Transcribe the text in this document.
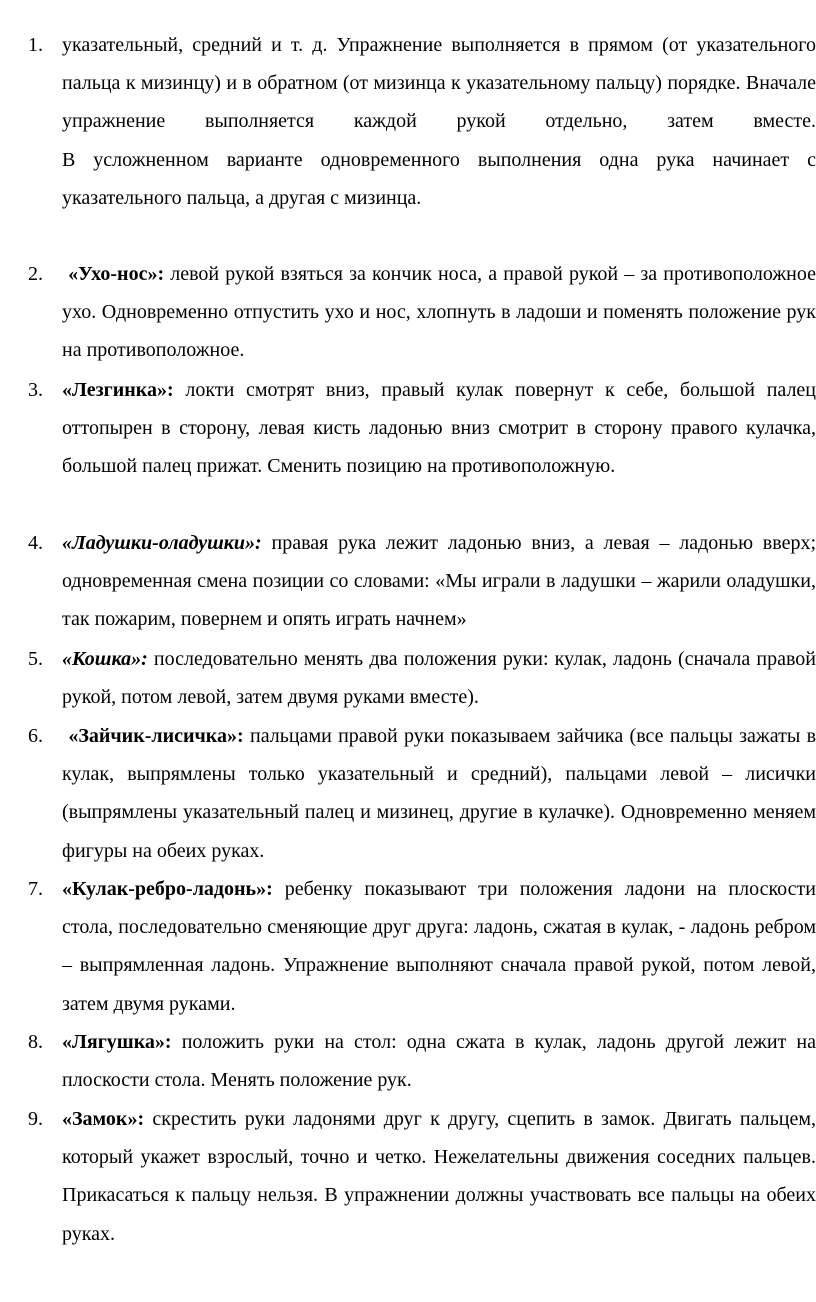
1. указательный, средний и т. д. Упражнение выполняется в прямом (от указательного пальца к мизинцу) и в обратном (от мизинца к указательному пальцу) порядке. Вначале упражнение выполняется каждой рукой отдельно, затем вместе.

В усложненном варианте одновременного выполнения одна рука начинает с указательного пальца, а другая с мизинца.

2.	«Ухо-нос»: левой рукой взяться за кончик носа, а правой рукой – за противоположное ухо. Одновременно отпустить ухо и нос, хлопнуть в ладоши и поменять положение рук на противоположное.

3. «Лезгинка»: локти смотрят вниз, правый кулак повернут к себе, большой палец оттопырен в сторону, левая кисть ладонью вниз смотрит в сторону правого кулачка, большой палец прижат. Сменить позицию на противоположную.

4. «Ладушки-оладушки»: правая рука лежит ладонью вниз, а левая – ладонью вверх; одновременная смена позиции со словами: «Мы играли в ладушки – жарили оладушки, так пожарим, повернем и опять играть начнем»

5. «Кошка»: последовательно менять два положения руки: кулак, ладонь (сначала правой рукой, потом левой, затем двумя руками вместе).

6.	«Зайчик-лисичка»: пальцами правой руки показываем зайчика (все пальцы зажаты в кулак, выпрямлены только указательный и средний), пальцами левой – лисички (выпрямлены указательный палец и мизинец, другие в кулачке). Одновременно меняем фигуры на обеих руках.

7. «Кулак-ребро-ладонь»: ребенку показывают три положения ладони на плоскости стола, последовательно сменяющие друг друга: ладонь, сжатая в кулак, - ладонь ребром – выпрямленная ладонь. Упражнение выполняют сначала правой рукой, потом левой, затем двумя руками.

8. «Лягушка»: положить руки на стол: одна сжата в кулак, ладонь другой лежит на плоскости стола. Менять положение рук.

9. «Замок»: скрестить руки ладонями друг к другу, сцепить в замок. Двигать пальцем, который укажет взрослый, точно и четко. Нежелательны движения соседних пальцев. Прикасаться к пальцу нельзя. В упражнении должны участвовать все пальцы на обеих руках.
